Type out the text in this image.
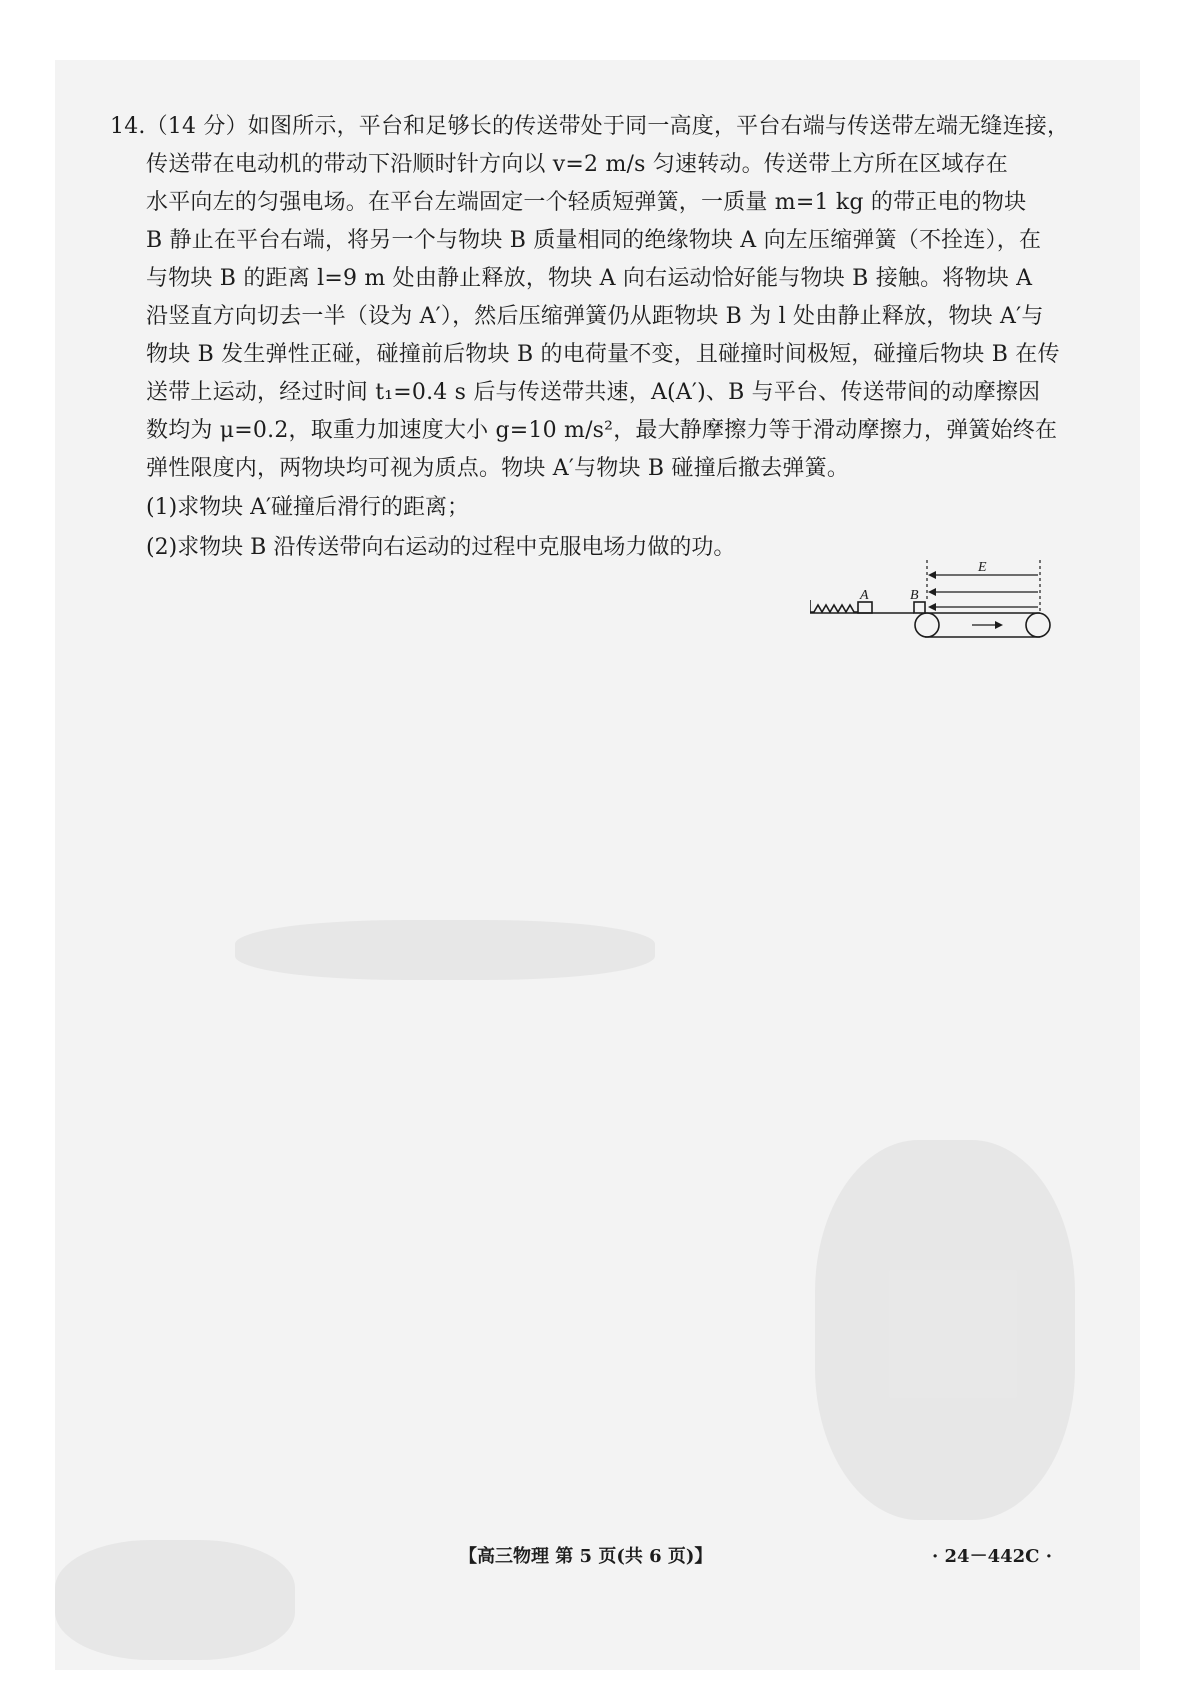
14.（14 分）如图所示，平台和足够长的传送带处于同一高度，平台右端与传送带左端无缝连接，
传送带在电动机的带动下沿顺时针方向以 v=2 m/s 匀速转动。传送带上方所在区域存在
水平向左的匀强电场。在平台左端固定一个轻质短弹簧，一质量 m=1 kg 的带正电的物块
B 静止在平台右端，将另一个与物块 B 质量相同的绝缘物块 A 向左压缩弹簧（不拴连），在
与物块 B 的距离 l=9 m 处由静止释放，物块 A 向右运动恰好能与物块 B 接触。将物块 A
沿竖直方向切去一半（设为 A′），然后压缩弹簧仍从距物块 B 为 l 处由静止释放，物块 A′与
物块 B 发生弹性正碰，碰撞前后物块 B 的电荷量不变，且碰撞时间极短，碰撞后物块 B 在传
送带上运动，经过时间 t₁=0.4 s 后与传送带共速，A(A′)、B 与平台、传送带间的动摩擦因
数均为 μ=0.2，取重力加速度大小 g=10 m/s²，最大静摩擦力等于滑动摩擦力，弹簧始终在
弹性限度内，两物块均可视为质点。物块 A′与物块 B 碰撞后撤去弹簧。
(1)求物块 A′碰撞后滑行的距离；
(2)求物块 B 沿传送带向右运动的过程中克服电场力做的功。
A	B
E
【高三物理 第 5 页(共 6 页)】	· 24－442C ·
